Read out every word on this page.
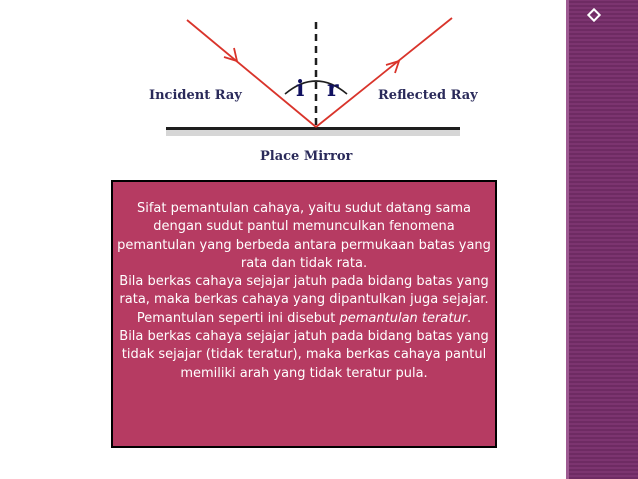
Incident Ray	Reflected Ray
i r
Place Mirror

Sifat pemantulan cahaya, yaitu sudut datang sama dengan sudut pantul memunculkan fenomena pemantulan yang berbeda antara permukaan batas yang rata dan tidak rata.

Bila berkas cahaya sejajar jatuh pada bidang batas yang rata, maka berkas cahaya yang dipantulkan juga sejajar. Pemantulan seperti ini disebut pemantulan teratur.

Bila berkas cahaya sejajar jatuh pada bidang batas yang tidak sejajar (tidak teratur), maka berkas cahaya pantul memiliki arah yang tidak teratur pula.
